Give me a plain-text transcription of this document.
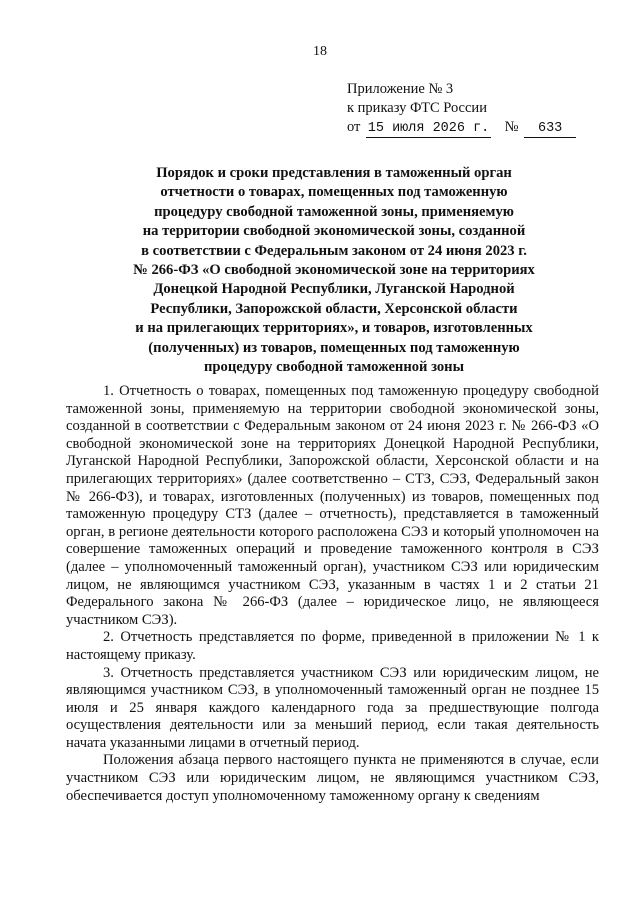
18
Приложение № 3
к приказу ФТС России
от 15 июля 2026 г. № 633
Порядок и сроки представления в таможенный орган
отчетности о товарах, помещенных под таможенную
процедуру свободной таможенной зоны, применяемую
на территории свободной экономической зоны, созданной
в соответствии с Федеральным законом от 24 июня 2023 г.
№ 266-ФЗ «О свободной экономической зоне на территориях
Донецкой Народной Республики, Луганской Народной
Республики, Запорожской области, Херсонской области
и на прилегающих территориях», и товаров, изготовленных
(полученных) из товаров, помещенных под таможенную
процедуру свободной таможенной зоны

1. Отчетность о товарах, помещенных под таможенную процедуру свободной таможенной зоны, применяемую на территории свободной экономической зоны, созданной в соответствии с Федеральным законом от 24 июня 2023 г. № 266-ФЗ «О свободной экономической зоне на территориях Донецкой Народной Республики, Луганской Народной Республики, Запорожской области, Херсонской области и на прилегающих территориях» (далее соответственно – СТЗ, СЭЗ, Федеральный закон № 266-ФЗ), и товарах, изготовленных (полученных) из товаров, помещенных под таможенную процедуру СТЗ (далее – отчетность), представляется в таможенный орган, в регионе деятельности которого расположена СЭЗ и который уполномочен на совершение таможенных операций и проведение таможенного контроля в СЭЗ (далее – уполномоченный таможенный орган), участником СЭЗ или юридическим лицом, не являющимся участником СЭЗ, указанным в частях 1 и 2 статьи 21 Федерального закона № 266-ФЗ (далее – юридическое лицо, не являющееся участником СЭЗ).

2. Отчетность представляется по форме, приведенной в приложении № 1 к настоящему приказу.

3. Отчетность представляется участником СЭЗ или юридическим лицом, не являющимся участником СЭЗ, в уполномоченный таможенный орган не позднее 15 июля и 25 января каждого календарного года за предшествующие полгода осуществления деятельности или за меньший период, если такая деятельность начата указанными лицами в отчетный период.

Положения абзаца первого настоящего пункта не применяются в случае, если участником СЭЗ или юридическим лицом, не являющимся участником СЭЗ, обеспечивается доступ уполномоченному таможенному органу к сведениям
